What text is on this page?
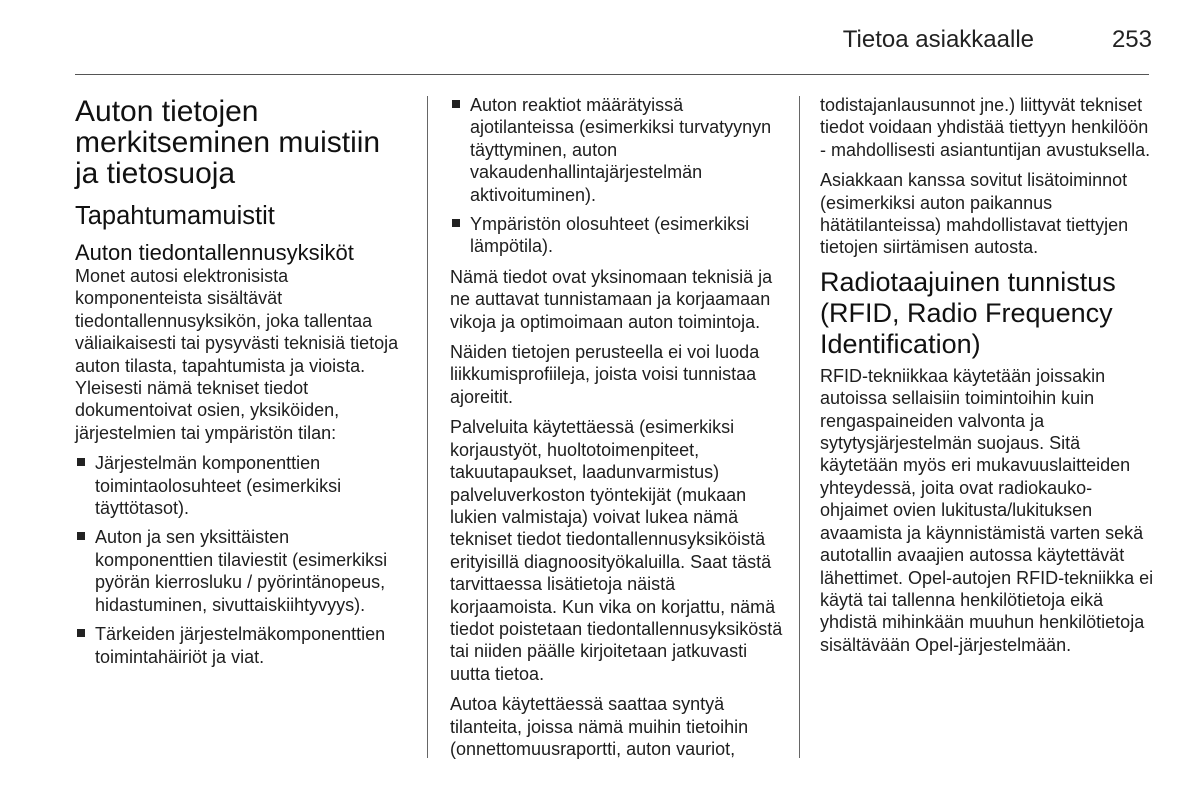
Tietoa asiakkaalle	253
Auton tietojen merkitseminen muistiin ja tietosuoja
Tapahtumamuistit
Auton tiedontallennusyksiköt

Monet autosi elektronisista komponenteista sisältävät tiedontallennusyksikön, joka tallentaa väliaikaisesti tai pysyvästi teknisiä tietoja auton tilasta, tapahtumista ja vioista. Yleisesti nämä tekniset tiedot dokumentoivat osien, yksiköiden, järjestelmien tai ympäristön tilan:

Järjestelmän komponenttien toimintaolosuhteet (esimerkiksi täyttötasot).
Auton ja sen yksittäisten komponenttien tilaviestit (esimerkiksi pyörän kierrosluku / pyörintänopeus, hidastuminen, sivuttaiskiihtyvyys).
Tärkeiden järjestelmäkomponenttien toimintahäiriöt ja viat.
Auton reaktiot määrätyissä ajotilanteissa (esimerkiksi turvatyynyn täyttyminen, auton vakaudenhallintajärjestelmän aktivoituminen).
Ympäristön olosuhteet (esimerkiksi lämpötila).

Nämä tiedot ovat yksinomaan teknisiä ja ne auttavat tunnistamaan ja korjaamaan vikoja ja optimoimaan auton toimintoja.

Näiden tietojen perusteella ei voi luoda liikkumisprofiileja, joista voisi tunnistaa ajoreitit.

Palveluita käytettäessä (esimerkiksi korjaustyöt, huoltotoimenpiteet, takuutapaukset, laadunvarmistus) palveluverkoston työntekijät (mukaan lukien valmistaja) voivat lukea nämä tekniset tiedot tiedontallennusyksiköistä erityisillä diagnoosityökaluilla. Saat tästä tarvittaessa lisätietoja näistä korjaamoista. Kun vika on korjattu, nämä tiedot poistetaan tiedontallennusyksiköstä tai niiden päälle kirjoitetaan jatkuvasti uutta tietoa.

Autoa käytettäessä saattaa syntyä tilanteita, joissa nämä muihin tietoihin (onnettomuusraportti, auton vauriot,

todistajanlausunnot jne.) liittyvät tekniset tiedot voidaan yhdistää tiettyyn henkilöön - mahdollisesti asiantuntijan avustuksella.

Asiakkaan kanssa sovitut lisätoiminnot (esimerkiksi auton paikannus hätätilanteissa) mahdollistavat tiettyjen tietojen siirtämisen autosta.

Radiotaajuinen tunnistus (RFID, Radio Frequency Identification)

RFID-tekniikkaa käytetään joissakin autoissa sellaisiin toimintoihin kuin rengaspaineiden valvonta ja sytytysjärjestelmän suojaus. Sitä käytetään myös eri mukavuuslaitteiden yhteydessä, joita ovat radiokauko-ohjaimet ovien lukitusta/lukituksen avaamista ja käynnistämistä varten sekä autotallin avaajien autossa käytettävät lähettimet. Opel-autojen RFID-tekniikka ei käytä tai tallenna henkilötietoja eikä yhdistä mihinkään muuhun henkilötietoja sisältävään Opel-järjestelmään.
